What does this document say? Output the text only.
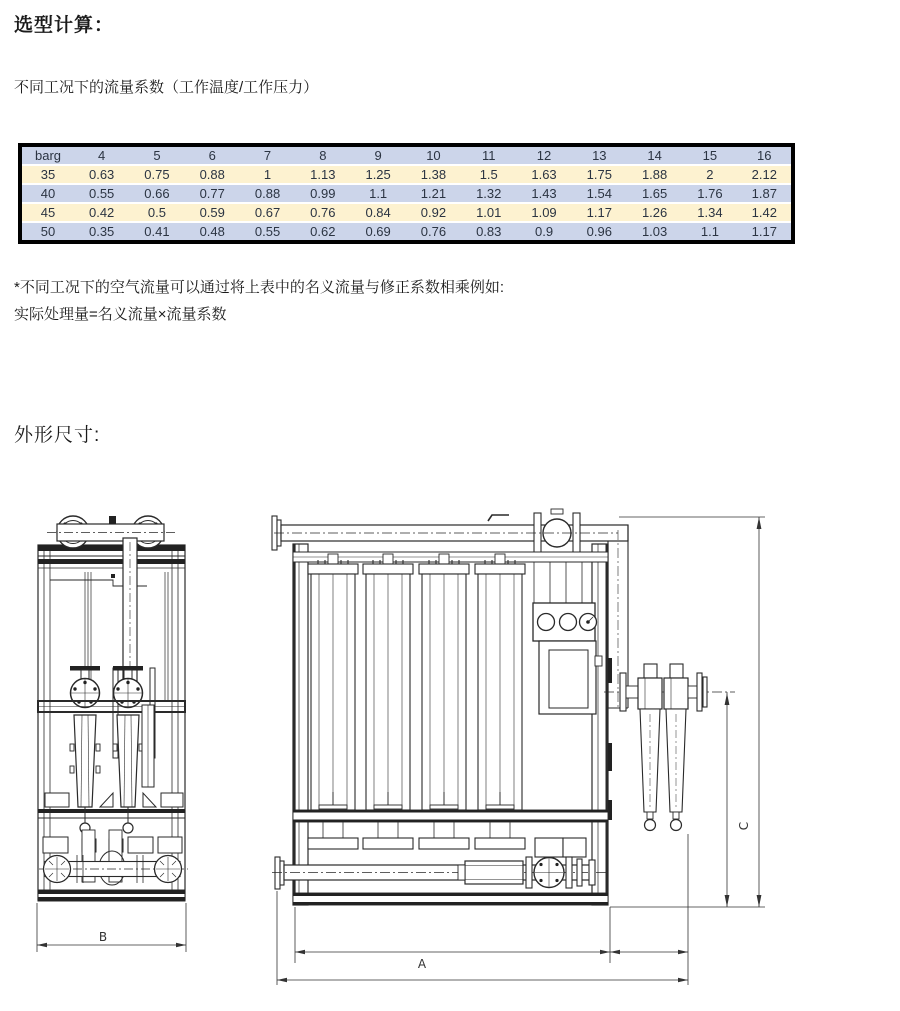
选型计算：
不同工况下的流量系数（工作温度/工作压力）
barg	4	5	6	7	8	9	10	11	12	13	14	15	16
35	0.63	0.75	0.88	1	1.13	1.25	1.38	1.5	1.63	1.75	1.88	2	2.12
40	0.55	0.66	0.77	0.88	0.99	1.1	1.21	1.32	1.43	1.54	1.65	1.76	1.87
45	0.42	0.5	0.59	0.67	0.76	0.84	0.92	1.01	1.09	1.17	1.26	1.34	1.42
50	0.35	0.41	0.48	0.55	0.62	0.69	0.76	0.83	0.9	0.96	1.03	1.1	1.17
*不同工况下的空气流量可以通过将上表中的名义流量与修正系数相乘例如:
实际处理量=名义流量×流量系数
外形尺寸:
B
C
A
